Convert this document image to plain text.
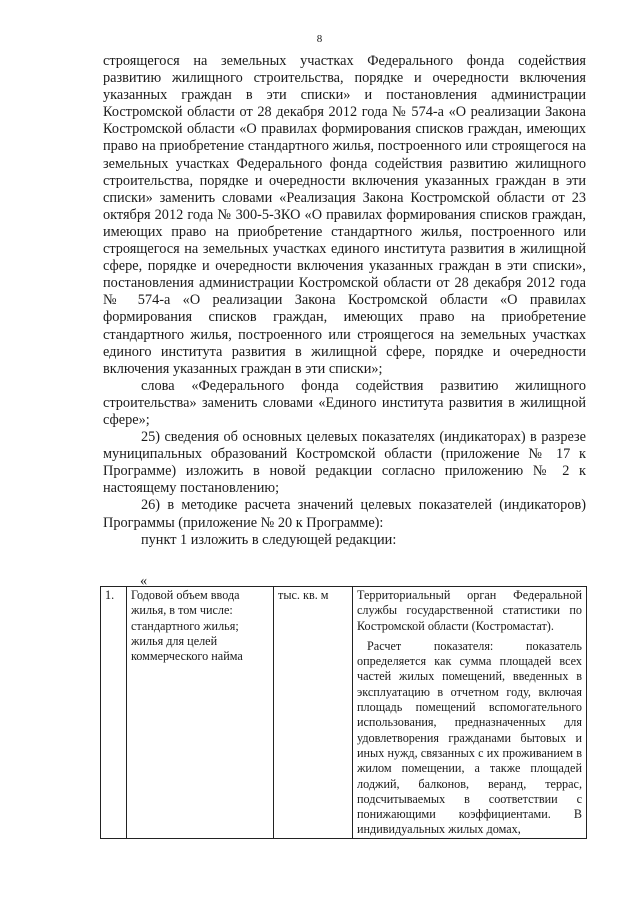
8

строящегося на земельных участках Федерального фонда содействия развитию жилищного строительства, порядке и очередности включения указанных граждан в эти списки» и постановления администрации Костромской области от 28 декабря 2012 года № 574-а «О реализации Закона Костромской области «О правилах формирования списков граждан, имеющих право на приобретение стандартного жилья, построенного или строящегося на земельных участках Федерального фонда содействия развитию жилищного строительства, порядке и очередности включения указанных граждан в эти списки» заменить словами «Реализация Закона Костромской области от 23 октября 2012 года № 300-5-ЗКО «О правилах формирования списков граждан, имеющих право на приобретение стандартного жилья, построенного или строящегося на земельных участках единого института развития в жилищной сфере, порядке и очередности включения указанных граждан в эти списки», постановления администрации Костромской области от 28 декабря 2012 года № 574-а «О реализации Закона Костромской области «О правилах формирования списков граждан, имеющих право на приобретение стандартного жилья, построенного или строящегося на земельных участках единого института развития в жилищной сфере, порядке и очередности включения указанных граждан в эти списки»;

слова «Федерального фонда содействия развитию жилищного строительства» заменить словами «Единого института развития в жилищной сфере»;

25) сведения об основных целевых показателях (индикаторах) в разрезе муниципальных образований Костромской области (приложение № 17 к Программе) изложить в новой редакции согласно приложению № 2 к настоящему постановлению;

26) в методике расчета значений целевых показателей (индикаторов) Программы (приложение № 20 к Программе):

пункт 1 изложить в следующей редакции:

«
1.	Годовой объем ввода жилья, в том числе: стандартного жилья; жилья для целей коммерческого найма	тыс. кв. м	Территориальный орган Федеральной службы государственной статистики по Костромской области (Костромастат).

Расчет показателя: показатель определяется как сумма площадей всех частей жилых помещений, введенных в эксплуатацию в отчетном году, включая площадь помещений вспомогательного использования, предназначенных для удовлетворения гражданами бытовых и иных нужд, связанных с их проживанием в жилом помещении, а также площадей лоджий, балконов, веранд, террас, подсчитываемых в соответствии с понижающими коэффициентами. В индивидуальных жилых домах,
